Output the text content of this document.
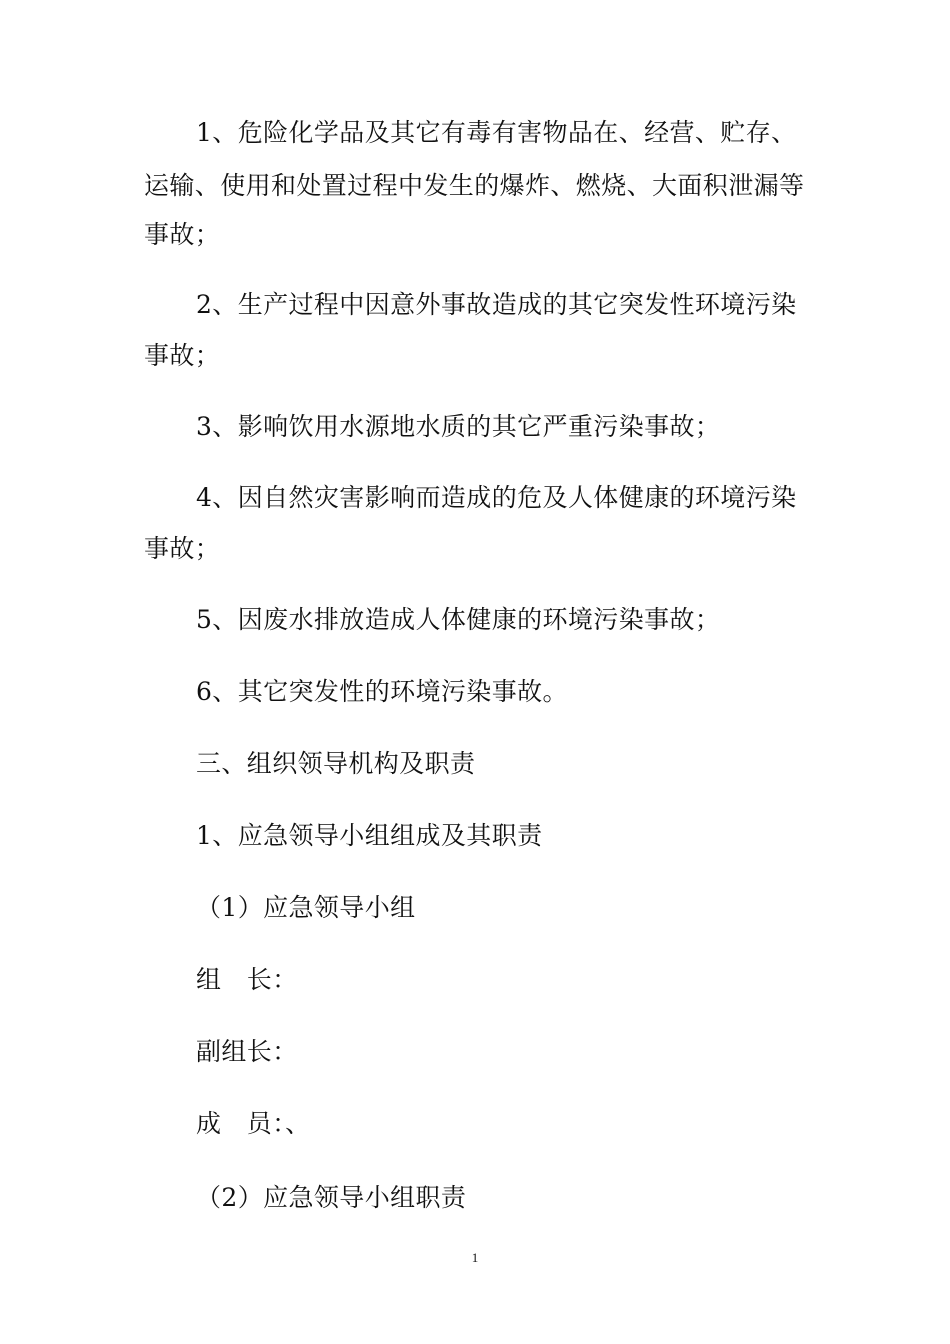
1、危险化学品及其它有毒有害物品在、经营、贮存、
运输、使用和处置过程中发生的爆炸、燃烧、大面积泄漏等
事故；
2、生产过程中因意外事故造成的其它突发性环境污染
事故；
3、影响饮用水源地水质的其它严重污染事故；
4、因自然灾害影响而造成的危及人体健康的环境污染
事故；
5、因废水排放造成人体健康的环境污染事故；
6、其它突发性的环境污染事故。
三、组织领导机构及职责
1、应急领导小组组成及其职责
（1）应急领导小组
组　长：
副组长：
成　员：、
（2）应急领导小组职责
1
